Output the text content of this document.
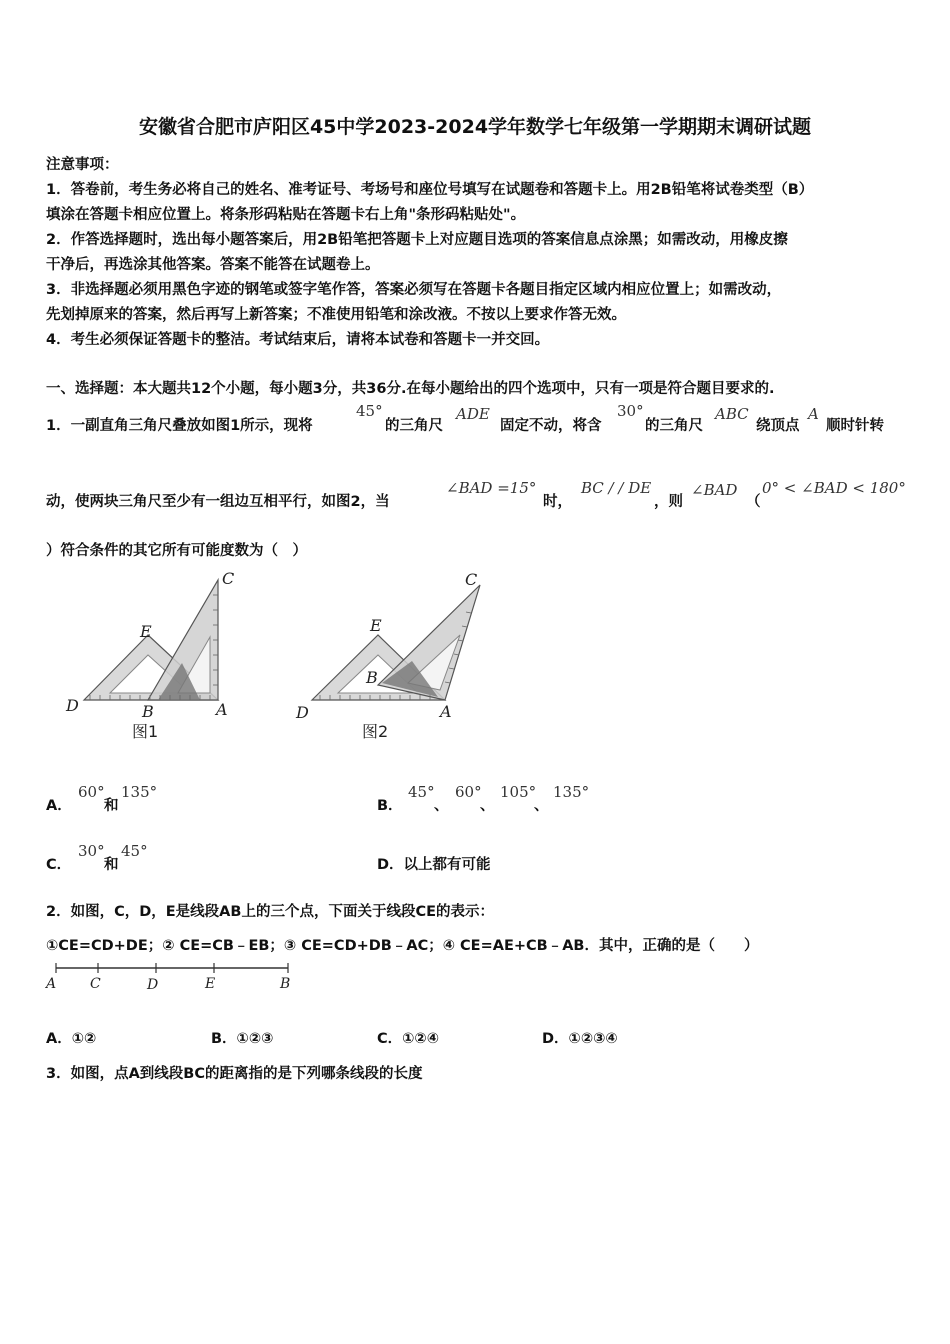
安徽省合肥市庐阳区45中学2023-2024学年数学七年级第一学期期末调研试题
注意事项：
1．答卷前，考生务必将自己的姓名、准考证号、考场号和座位号填写在试题卷和答题卡上。用2B铅笔将试卷类型（B）
填涂在答题卡相应位置上。将条形码粘贴在答题卡右上角"条形码粘贴处"。
2．作答选择题时，选出每小题答案后，用2B铅笔把答题卡上对应题目选项的答案信息点涂黑；如需改动，用橡皮擦
干净后，再选涂其他答案。答案不能答在试题卷上。
3．非选择题必须用黑色字迹的钢笔或签字笔作答，答案必须写在答题卡各题目指定区域内相应位置上；如需改动，
先划掉原来的答案，然后再写上新答案；不准使用铅笔和涂改液。不按以上要求作答无效。
4．考生必须保证答题卡的整洁。考试结束后，请将本试卷和答题卡一并交回。
一、选择题：本大题共12个小题，每小题3分，共36分.在每小题给出的四个选项中，只有一项是符合题目要求的.
1．一副直角三角尺叠放如图1所示，现将
45°
的三角尺
ADE
固定不动，将含
30°
的三角尺
ABC
绕顶点
A
顺时针转
动，使两块三角尺至少有一组边互相平行，如图2，当
∠BAD =15°
时，
BC / / DE
，则
∠BAD
（
0° < ∠BAD < 180°
）符合条件的其它所有可能度数为（　）
C
E
D	B	A
图1
C
E
B
D	A
图2
A．
60°
和
135°
B．
45°
、
60°
、
105°
、
135°
C．
30°
和
45°
D．以上都有可能
2．如图，C，D，E是线段AB上的三个点，下面关于线段CE的表示：
①CE=CD+DE；② CE=CB﹣EB；③ CE=CD+DB﹣AC；④ CE=AE+CB﹣AB．其中，正确的是（　　）
A C	D	E	B
A．①②	B．①②③	C．①②④	D．①②③④
3．如图，点A到线段BC的距离指的是下列哪条线段的长度
